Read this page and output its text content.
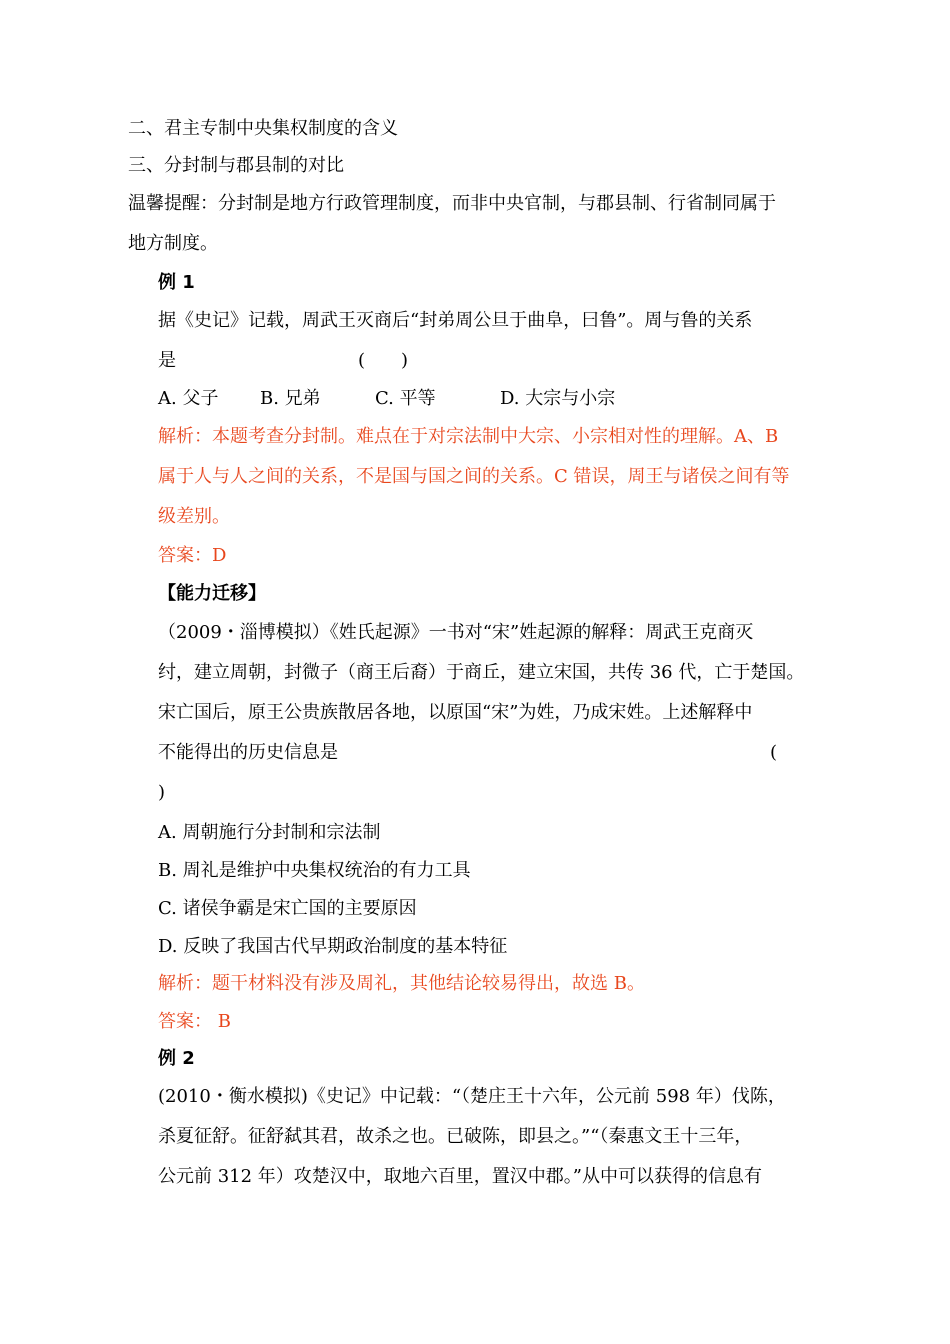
二、君主专制中央集权制度的含义
三、分封制与郡县制的对比
温馨提醒：分封制是地方行政管理制度，而非中央官制，与郡县制、行省制同属于
地方制度。
例 1
据《史记》记载，周武王灭商后“封弟周公旦于曲阜，曰鲁”。周与鲁的关系
是	(　　)
A. 父子 B. 兄弟	C. 平等	D. 大宗与小宗
解析：本题考查分封制。难点在于对宗法制中大宗、小宗相对性的理解。A、B
属于人与人之间的关系，不是国与国之间的关系。C 错误，周王与诸侯之间有等
级差别。
答案：D
【能力迁移】
（2009・淄博模拟）《姓氏起源》一书对“宋”姓起源的解释：周武王克商灭
纣，建立周朝，封微子（商王后裔）于商丘，建立宋国，共传 36 代，亡于楚国。
宋亡国后，原王公贵族散居各地，以原国“宋”为姓，乃成宋姓。上述解释中
不能得出的历史信息是	(
)
A. 周朝施行分封制和宗法制
B. 周礼是维护中央集权统治的有力工具
C. 诸侯争霸是宋亡国的主要原因
D. 反映了我国古代早期政治制度的基本特征
解析：题干材料没有涉及周礼，其他结论较易得出，故选 B。
答案： B
例 2
(2010・衡水模拟)《史记》中记载：“（楚庄王十六年，公元前 598 年）伐陈，
杀夏征舒。征舒弑其君，故杀之也。已破陈，即县之。”“（秦惠文王十三年，
公元前 312 年）攻楚汉中，取地六百里，置汉中郡。”从中可以获得的信息有
